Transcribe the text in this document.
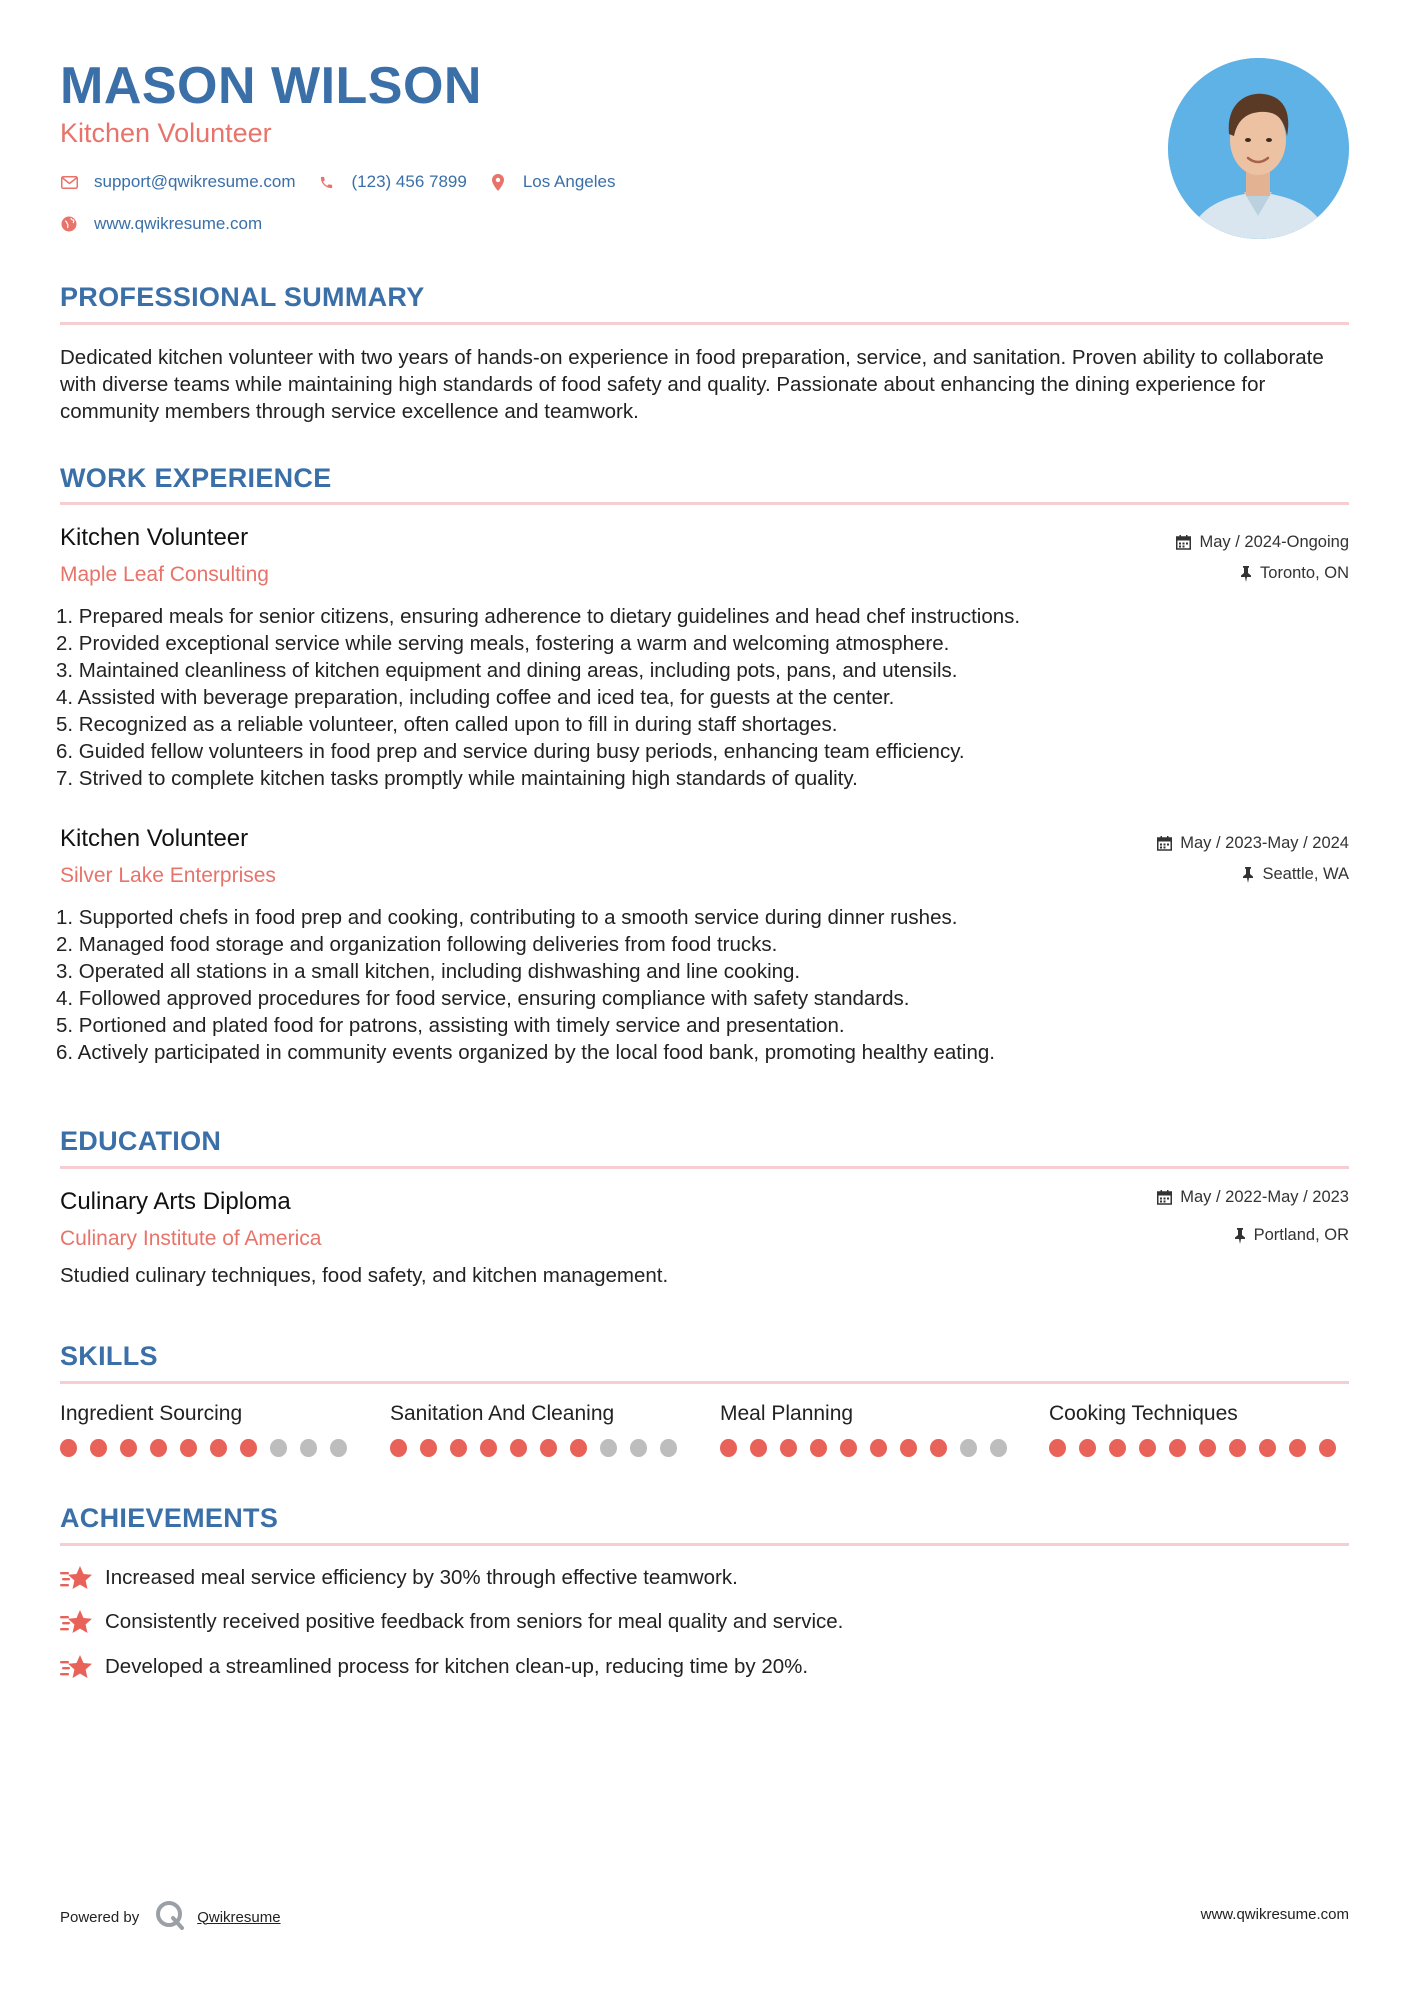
MASON WILSON
Kitchen Volunteer
support@qwikresume.com	(123) 456 7899	Los Angeles
www.qwikresume.com
PROFESSIONAL SUMMARY
Dedicated kitchen volunteer with two years of hands-on experience in food preparation, service, and sanitation. Proven ability to collaborate with diverse teams while maintaining high standards of food safety and quality. Passionate about enhancing the dining experience for community members through service excellence and teamwork.
WORK EXPERIENCE
Kitchen Volunteer
Maple Leaf Consulting
May / 2024-Ongoing
Toronto, ON
1. Prepared meals for senior citizens, ensuring adherence to dietary guidelines and head chef instructions.
2. Provided exceptional service while serving meals, fostering a warm and welcoming atmosphere.
3. Maintained cleanliness of kitchen equipment and dining areas, including pots, pans, and utensils.
4. Assisted with beverage preparation, including coffee and iced tea, for guests at the center.
5. Recognized as a reliable volunteer, often called upon to fill in during staff shortages.
6. Guided fellow volunteers in food prep and service during busy periods, enhancing team efficiency.
7. Strived to complete kitchen tasks promptly while maintaining high standards of quality.
Kitchen Volunteer
Silver Lake Enterprises
May / 2023-May / 2024
Seattle, WA
1. Supported chefs in food prep and cooking, contributing to a smooth service during dinner rushes.
2. Managed food storage and organization following deliveries from food trucks.
3. Operated all stations in a small kitchen, including dishwashing and line cooking.
4. Followed approved procedures for food service, ensuring compliance with safety standards.
5. Portioned and plated food for patrons, assisting with timely service and presentation.
6. Actively participated in community events organized by the local food bank, promoting healthy eating.
EDUCATION
Culinary Arts Diploma
Culinary Institute of America
May / 2022-May / 2023
Portland, OR
Studied culinary techniques, food safety, and kitchen management.
SKILLS
Ingredient Sourcing	Sanitation And Cleaning	Meal Planning	Cooking Techniques
ACHIEVEMENTS
Increased meal service efficiency by 30% through effective teamwork.
Consistently received positive feedback from seniors for meal quality and service.
Developed a streamlined process for kitchen clean-up, reducing time by 20%.
Powered by	Qwikresume	www.qwikresume.com
